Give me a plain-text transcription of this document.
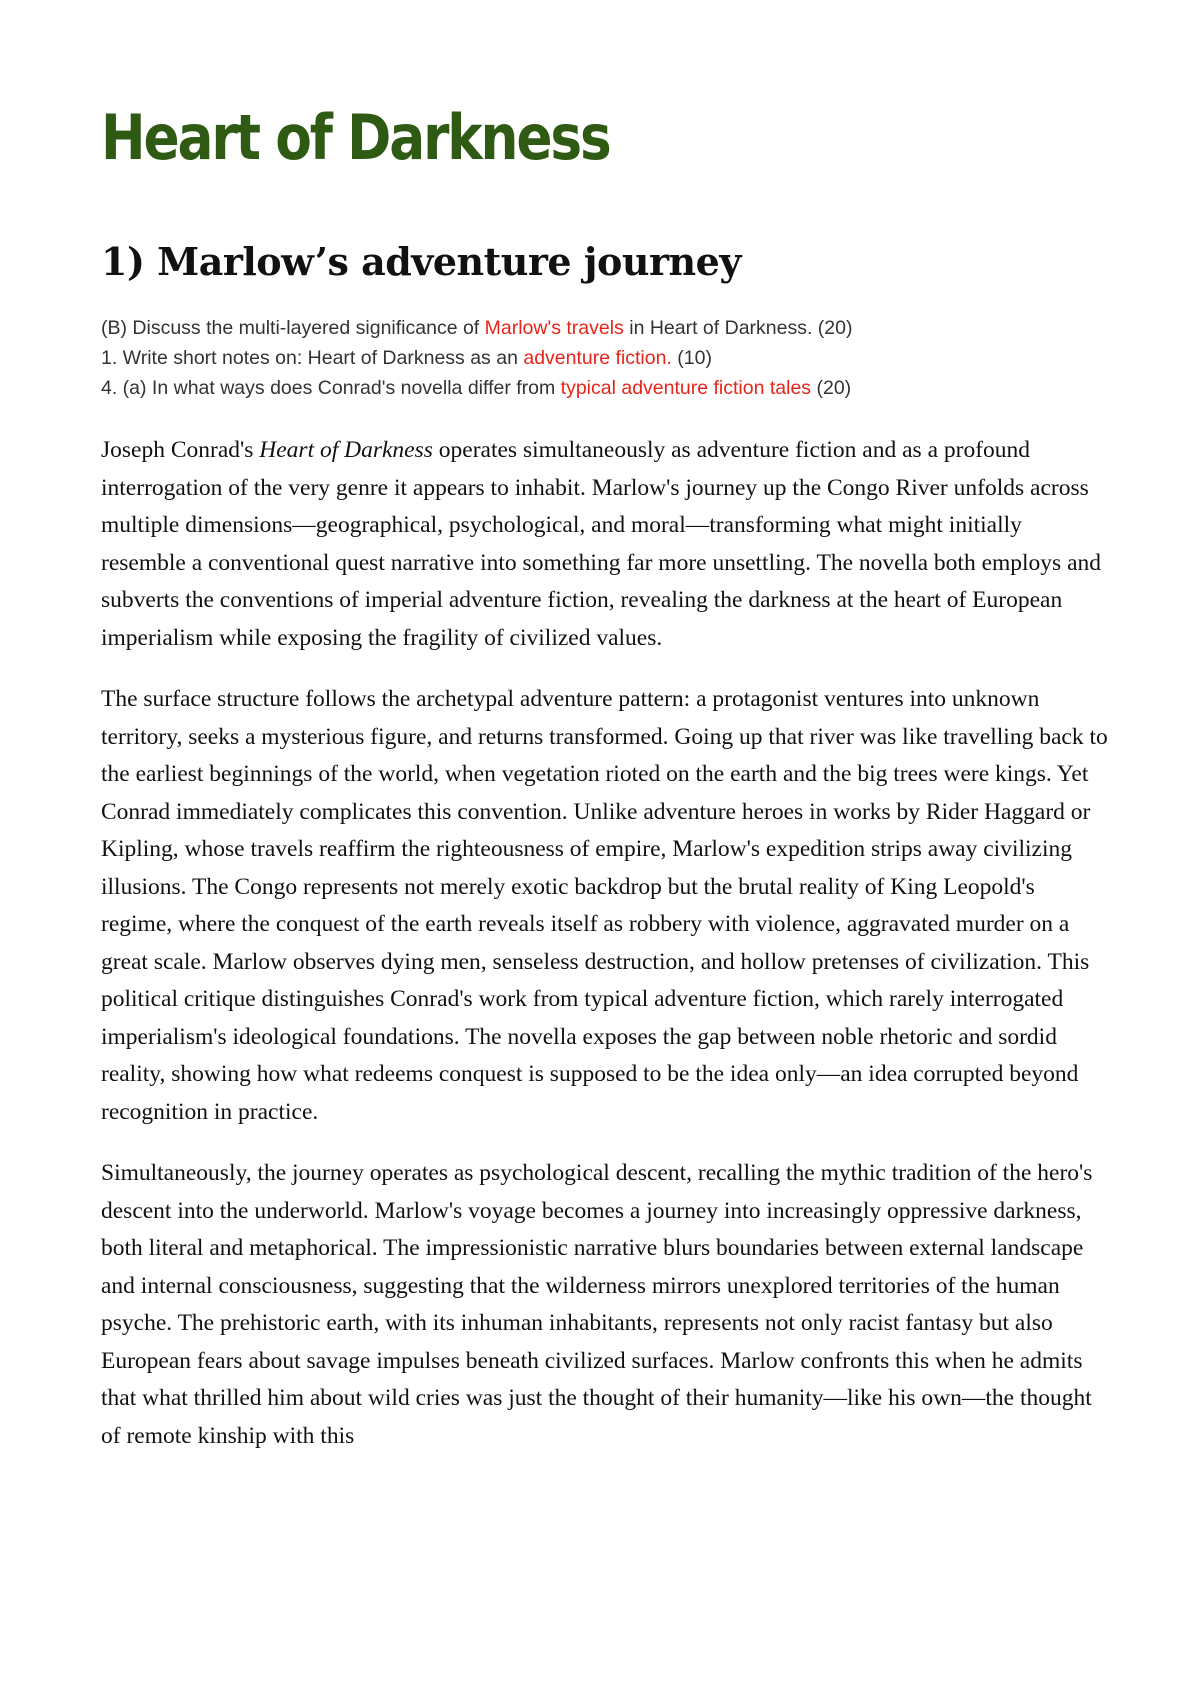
Heart of Darkness
1) Marlow’s adventure journey
(B) Discuss the multi-layered significance of Marlow's travels in Heart of Darkness. (20)
1. Write short notes on: Heart of Darkness as an adventure fiction. (10)
4. (a) In what ways does Conrad's novella differ from typical adventure fiction tales (20)

Joseph Conrad's Heart of Darkness operates simultaneously as adventure fiction and as a profound interrogation of the very genre it appears to inhabit. Marlow's journey up the Congo River unfolds across multiple dimensions—geographical, psychological, and moral—transforming what might initially resemble a conventional quest narrative into something far more unsettling. The novella both employs and subverts the conventions of imperial adventure fiction, revealing the darkness at the heart of European imperialism while exposing the fragility of civilized values.

The surface structure follows the archetypal adventure pattern: a protagonist ventures into unknown territory, seeks a mysterious figure, and returns transformed. Going up that river was like travelling back to the earliest beginnings of the world, when vegetation rioted on the earth and the big trees were kings. Yet Conrad immediately complicates this convention. Unlike adventure heroes in works by Rider Haggard or Kipling, whose travels reaffirm the righteousness of empire, Marlow's expedition strips away civilizing illusions. The Congo represents not merely exotic backdrop but the brutal reality of King Leopold's regime, where the conquest of the earth reveals itself as robbery with violence, aggravated murder on a great scale. Marlow observes dying men, senseless destruction, and hollow pretenses of civilization. This political critique distinguishes Conrad's work from typical adventure fiction, which rarely interrogated imperialism's ideological foundations. The novella exposes the gap between noble rhetoric and sordid reality, showing how what redeems conquest is supposed to be the idea only—an idea corrupted beyond recognition in practice.

Simultaneously, the journey operates as psychological descent, recalling the mythic tradition of the hero's descent into the underworld. Marlow's voyage becomes a journey into increasingly oppressive darkness, both literal and metaphorical. The impressionistic narrative blurs boundaries between external landscape and internal consciousness, suggesting that the wilderness mirrors unexplored territories of the human psyche. The prehistoric earth, with its inhuman inhabitants, represents not only racist fantasy but also European fears about savage impulses beneath civilized surfaces. Marlow confronts this when he admits that what thrilled him about wild cries was just the thought of their humanity—like his own—the thought of remote kinship with this
